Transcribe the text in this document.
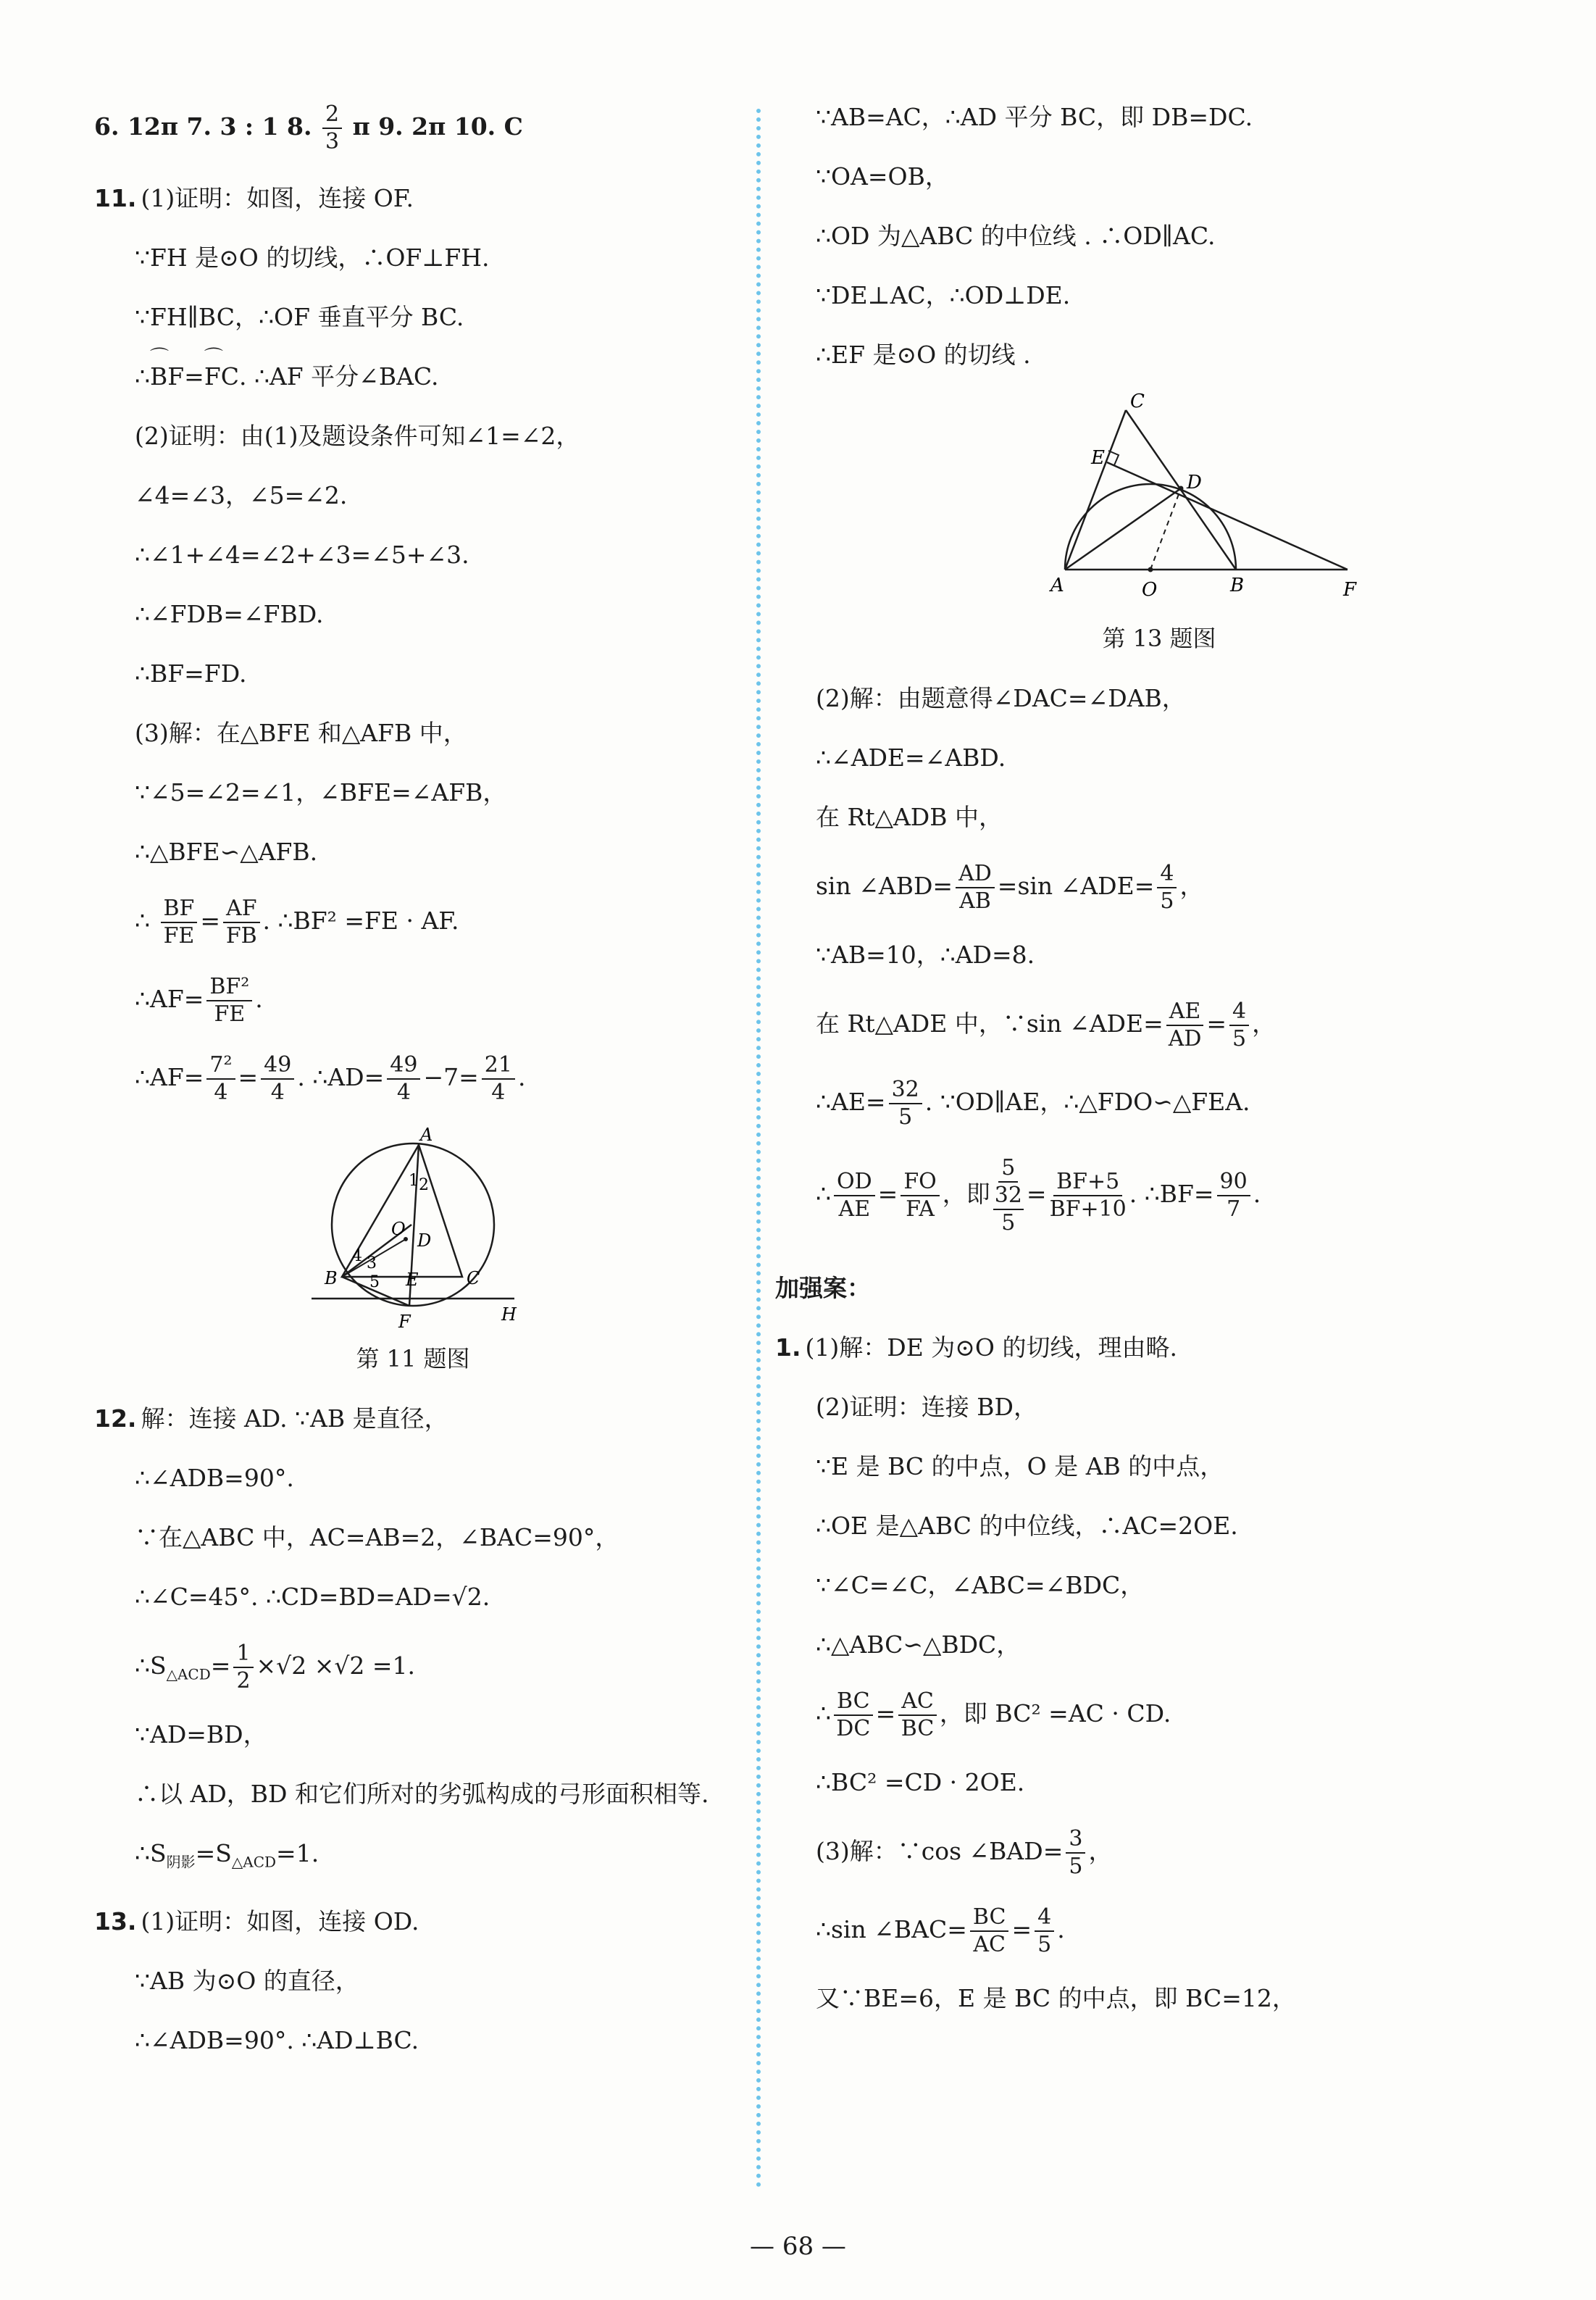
6. 12π 7. 3 : 1 8. $\frac{2}{3}$ π 9. 2π 10. C
11. (1)证明：如图，连接 OF.
∵FH 是⊙O 的切线，∴OF⊥FH.
∵FH∥BC，∴OF 垂直平分 BC.
∴⌒ BF=⌒ FC. ∴AF 平分∠BAC.
(2)证明：由(1)及题设条件可知∠1=∠2，
∠4=∠3，∠5=∠2.
∴∠1+∠4=∠2+∠3=∠5+∠3.
∴∠FDB=∠FBD.
∴BF=FD.
(3)解：在△BFE 和△AFB 中，
∵∠5=∠2=∠1，∠BFE=∠AFB，
∴△BFE∽△AFB.
∴ $\frac{BF}{FE} = \frac{AF}{FB}$ . ∴BF² =FE · AF.
∴AF= $\frac{\text{BF²}}{FE}$ .
∴AF= $\frac{\text{7²}}{4} = \frac{49}{4}$ . ∴AD= $\frac{49}{4} -7= \frac{21}{4}$ .
A
B	C
D
E
F	H
O
1 2
3
4
5
第 11 题图
12. 解：连接 AD. ∵AB 是直径，
∴∠ADB=90°.
∵在△ABC 中，AC=AB=2，∠BAC=90°，
∴∠C=45°. ∴CD=BD=AD=√2.
$\therefore S_{\triangle ACD}= \frac{1}{2} \times√2 \times√2 =1$.
∵AD=BD，
∴以 AD，BD 和它们所对的劣弧构成的弓形面积相等.
$\therefore S_{阴影}=S_{\triangle ACD}=1$.
13. (1)证明：如图，连接 OD.
∵AB 为⊙O 的直径，
∴∠ADB=90°. ∴AD⊥BC.
∵AB=AC，∴AD 平分 BC，即 DB=DC.
∵OA=OB，
∴OD 为△ABC 的中位线 . ∴OD∥AC.
∵DE⊥AC，∴OD⊥DE.
∴EF 是⊙O 的切线 .
C
E
D
A	O	B	F
第 13 题图
(2)解：由题意得∠DAC=∠DAB，
∴∠ADE=∠ABD.
在 Rt△ADB 中，
sin ∠ABD= $\frac{AD}{AB} =\sin$ ∠ADE= $\frac{4}{5}$ ，
∵AB=10，∴AD=8.
在 Rt△ADE 中，∵sin ∠ADE= $\frac{AE}{AD} = \frac{4}{5}$ ，
∴AE= $\frac{32}{5}$ . ∵OD∥AE，∴△FDO∽△FEA.
∴ $\frac{OD}{AE} = \frac{FO}{FA}$ ，即 5
32
$5 = \frac{BF+5}{BF+10}$ . ∴BF= $\frac{90}{7}$ .
加强案：
1. (1)解：DE 为⊙O 的切线，理由略.
(2)证明：连接 BD，
∵E 是 BC 的中点，O 是 AB 的中点，
∴OE 是△ABC 的中位线，∴AC=2OE.
∵∠C=∠C，∠ABC=∠BDC，
∴△ABC∽△BDC，
∴ $\frac{BC}{DC} = \frac{AC}{BC}$ ，即 BC² =AC · CD.
∴BC² =CD · 2OE.
(3)解：∵cos ∠BAD= $\frac{3}{5}$ ，
∴sin ∠BAC= $\frac{BC}{AC} = \frac{4}{5}$ .
又∵BE=6，E 是 BC 的中点，即 BC=12，
— 68 —
